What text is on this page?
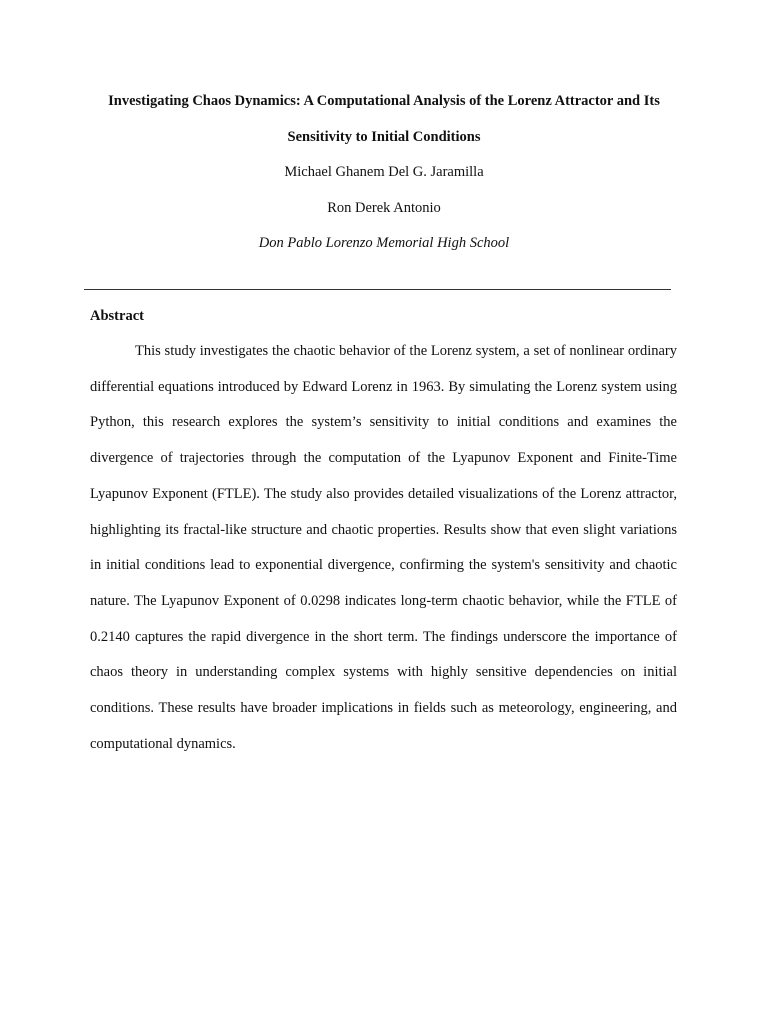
Investigating Chaos Dynamics: A Computational Analysis of the Lorenz Attractor and Its

Sensitivity to Initial Conditions

Michael Ghanem Del G. Jaramilla

Ron Derek Antonio

Don Pablo Lorenzo Memorial High School

Abstract

This study investigates the chaotic behavior of the Lorenz system, a set of nonlinear ordinary differential equations introduced by Edward Lorenz in 1963. By simulating the Lorenz system using Python, this research explores the system’s sensitivity to initial conditions and examines the divergence of trajectories through the computation of the Lyapunov Exponent and Finite-Time Lyapunov Exponent (FTLE). The study also provides detailed visualizations of the Lorenz attractor, highlighting its fractal-like structure and chaotic properties. Results show that even slight variations in initial conditions lead to exponential divergence, confirming the system's sensitivity and chaotic nature. The Lyapunov Exponent of 0.0298 indicates long-term chaotic behavior, while the FTLE of 0.2140 captures the rapid divergence in the short term. The findings underscore the importance of chaos theory in understanding complex systems with highly sensitive dependencies on initial conditions. These results have broader implications in fields such as meteorology, engineering, and computational dynamics.
